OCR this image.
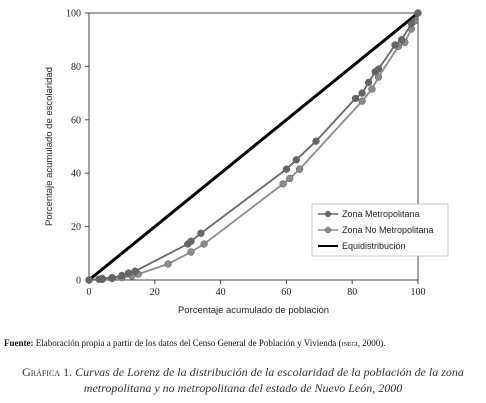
0	20	40	60	80	100
0
20
40
60
80
100
Porcentaje acumulado de población
Porcentaje acumulado de escolaridad	Zona Metropolitana
Zona No Metropolitana
Equidistribución
Fuente: Elaboración propia a partir de los datos del Censo General de Población y Vivienda (inegi, 2000).
Gráfica 1. Curvas de Lorenz de la distribución de la escolaridad de la población de la zona
metropolitana y no metropolitana del estado de Nuevo León, 2000
